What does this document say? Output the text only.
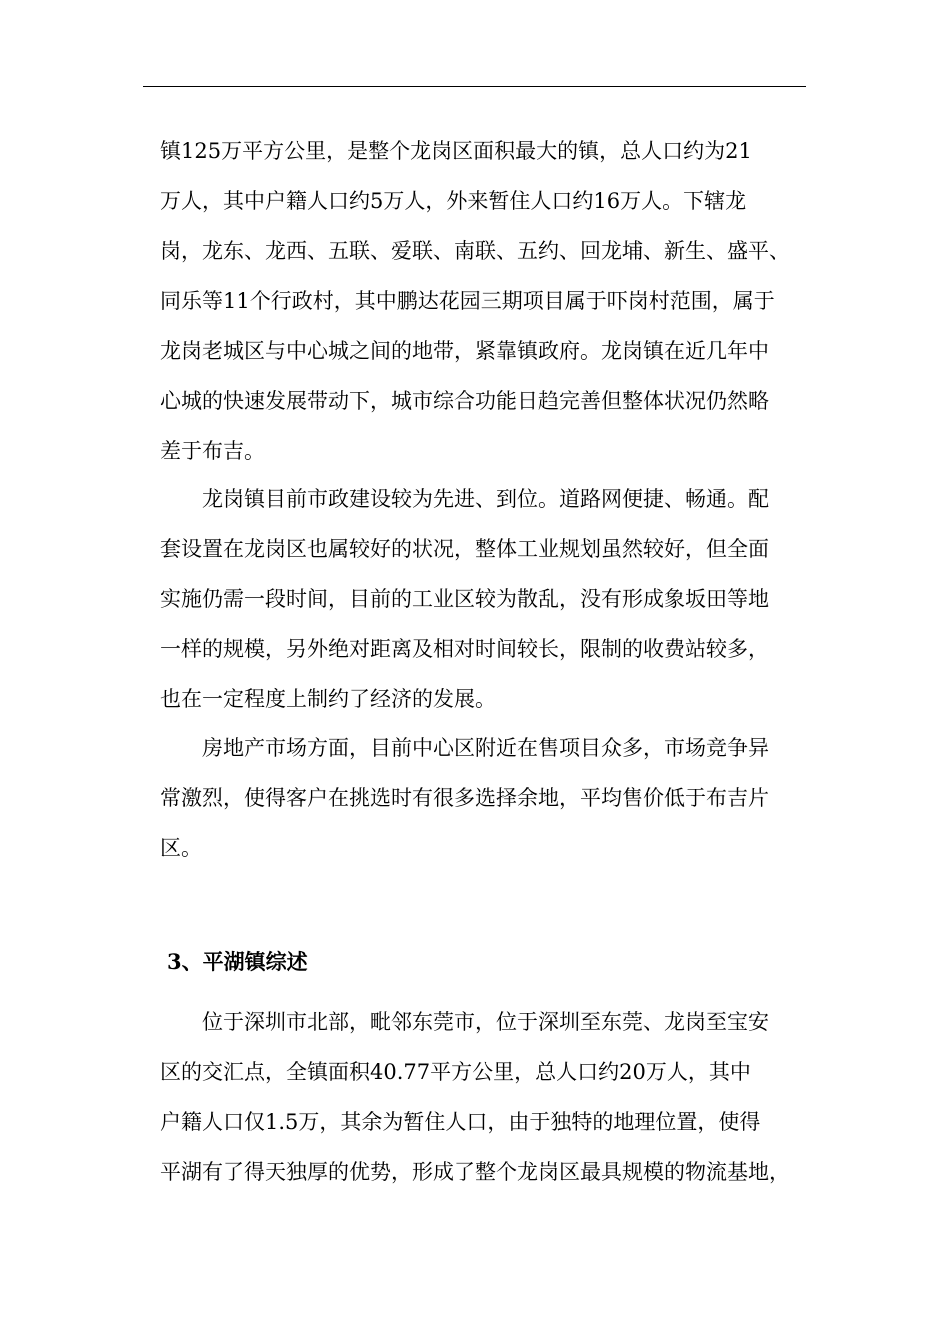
镇125万平方公里，是整个龙岗区面积最大的镇，总人口约为21
万人，其中户籍人口约5万人，外来暂住人口约16万人。下辖龙
岗，龙东、龙西、五联、爱联、南联、五约、回龙埔、新生、盛平、
同乐等11个行政村，其中鹏达花园三期项目属于吓岗村范围，属于
龙岗老城区与中心城之间的地带，紧靠镇政府。龙岗镇在近几年中
心城的快速发展带动下，城市综合功能日趋完善但整体状况仍然略
差于布吉。
　　龙岗镇目前市政建设较为先进、到位。道路网便捷、畅通。配
套设置在龙岗区也属较好的状况，整体工业规划虽然较好，但全面
实施仍需一段时间，目前的工业区较为散乱，没有形成象坂田等地
一样的规模，另外绝对距离及相对时间较长，限制的收费站较多，
也在一定程度上制约了经济的发展。
　　房地产市场方面，目前中心区附近在售项目众多，市场竞争异
常激烈，使得客户在挑选时有很多选择余地，平均售价低于布吉片
区。
3、平湖镇综述
　　位于深圳市北部，毗邻东莞市，位于深圳至东莞、龙岗至宝安
区的交汇点，全镇面积40.77平方公里，总人口约20万人，其中
户籍人口仅1.5万，其余为暂住人口，由于独特的地理位置，使得
平湖有了得天独厚的优势，形成了整个龙岗区最具规模的物流基地，
